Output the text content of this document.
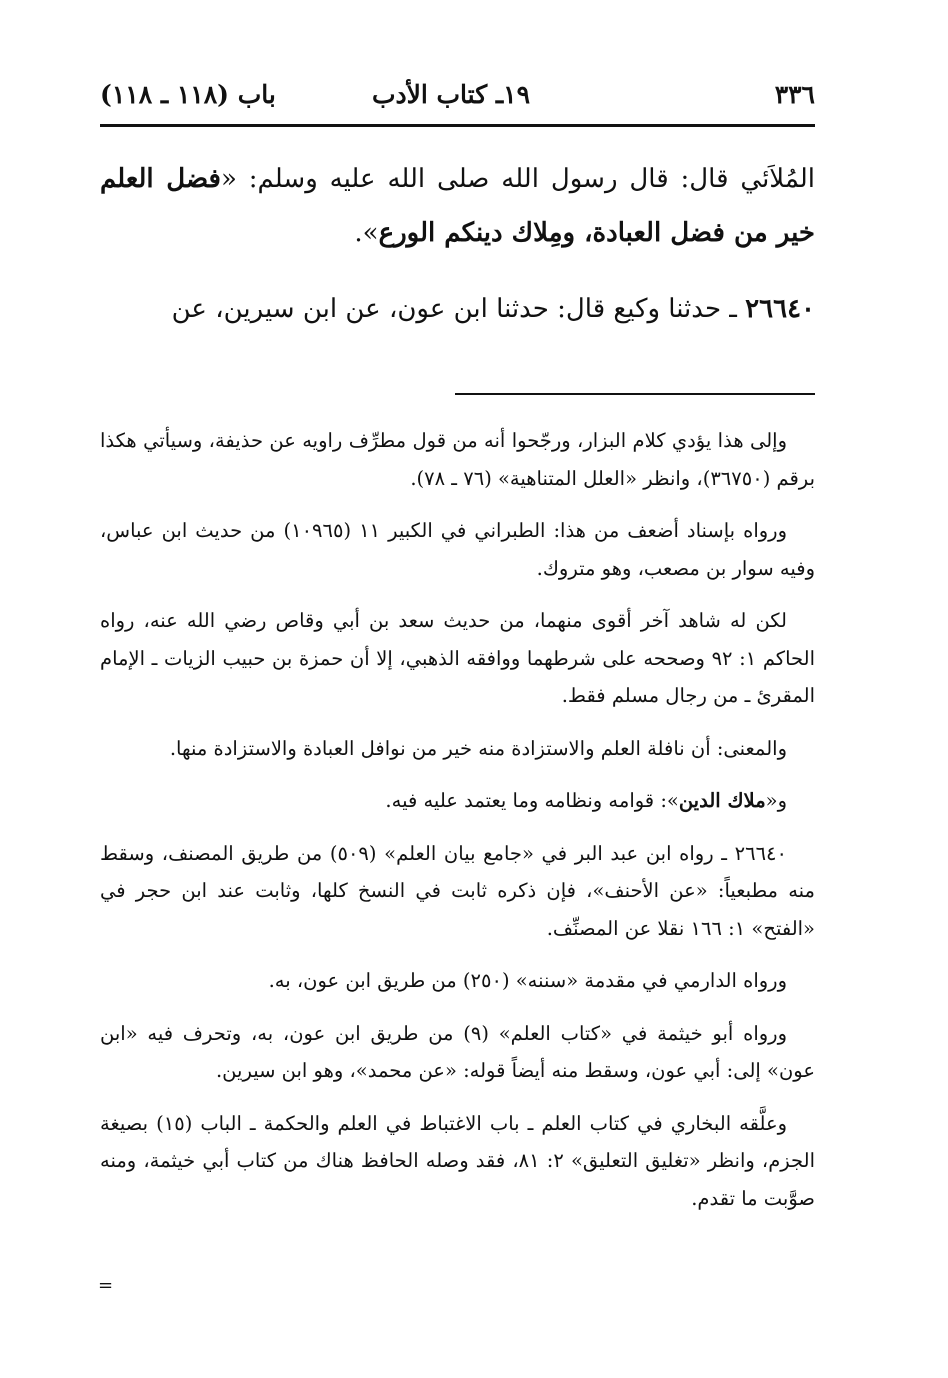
٣٣٦
١٩ـ كتاب الأدب
باب (١١٨ ـ ١١٨)

المُلاَئي قال: قال رسول الله صلى الله عليه وسلم: «فضل العلم خير من فضل العبادة، ومِلاك دينكم الورع».

٢٦٦٤٠ ـ حدثنا وكيع قال: حدثنا ابن عون، عن ابن سيرين، عن

وإلى هذا يؤدي كلام البزار، ورجّحوا أنه من قول مطرِّف راويه عن حذيفة، وسيأتي هكذا برقم (٣٦٧٥٠)، وانظر «العلل المتناهية» (٧٦ ـ ٧٨).

ورواه بإسناد أضعف من هذا: الطبراني في الكبير ١١ (١٠٩٦٥) من حديث ابن عباس، وفيه سوار بن مصعب، وهو متروك.

لكن له شاهد آخر أقوى منهما، من حديث سعد بن أبي وقاص رضي الله عنه، رواه الحاكم ١: ٩٢ وصححه على شرطهما ووافقه الذهبي، إلا أن حمزة بن حبيب الزيات ـ الإمام المقرئ ـ من رجال مسلم فقط.

والمعنى: أن نافلة العلم والاستزادة منه خير من نوافل العبادة والاستزادة منها.

و«ملاك الدين»: قوامه ونظامه وما يعتمد عليه فيه.

٢٦٦٤٠ ـ رواه ابن عبد البر في «جامع بيان العلم» (٥٠٩) من طريق المصنف، وسقط منه مطبعياً: «عن الأحنف»، فإن ذكره ثابت في النسخ كلها، وثابت عند ابن حجر في «الفتح» ١: ١٦٦ نقلا عن المصنِّف.

ورواه الدارمي في مقدمة «سننه» (٢٥٠) من طريق ابن عون، به.

ورواه أبو خيثمة في «كتاب العلم» (٩) من طريق ابن عون، به، وتحرف فيه «ابن عون» إلى: أبي عون، وسقط منه أيضاً قوله: «عن محمد»، وهو ابن سيرين.

وعلَّقه البخاري في كتاب العلم ـ باب الاغتباط في العلم والحكمة ـ الباب (١٥) بصيغة الجزم، وانظر «تغليق التعليق» ٢: ٨١، فقد وصله الحافظ هناك من كتاب أبي خيثمة، ومنه صوَّبت ما تقدم.

=
